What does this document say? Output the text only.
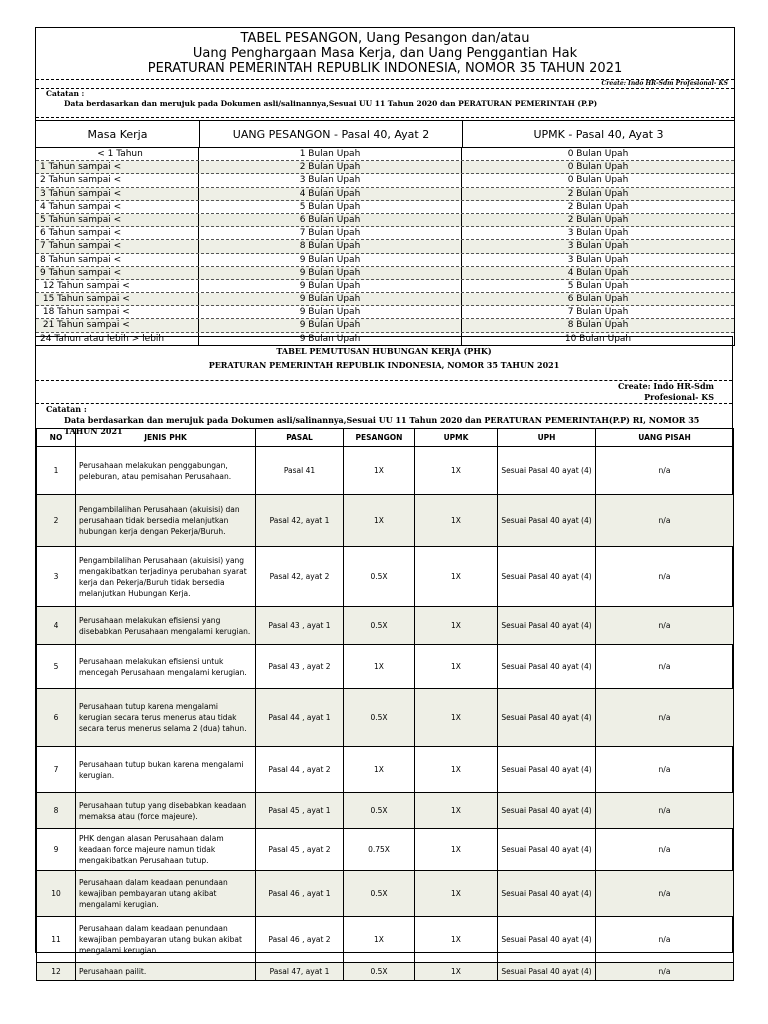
TABEL PESANGON, Uang Pesangon dan/atau
Uang Penghargaan Masa Kerja, dan Uang Penggantian Hak
PERATURAN PEMERINTAH REPUBLIK INDONESIA, NOMOR 35 TAHUN 2021
Create: Indo HR-Sdm Profesional- KS
Catatan :
Data berdasarkan dan merujuk pada Dokumen asli/salinannya,Sesuai UU 11 Tahun 2020 dan PERATURAN PEMERINTAH (P.P)
Masa Kerja	UANG PESANGON - Pasal 40, Ayat 2	UPMK - Pasal 40, Ayat 3
< 1 Tahun	1 Bulan Upah	0 Bulan Upah
1 Tahun sampai <	2 Bulan Upah	0 Bulan Upah
2 Tahun sampai <	3 Bulan Upah	0 Bulan Upah
3 Tahun sampai <	4 Bulan Upah	2 Bulan Upah
4 Tahun sampai <	5 Bulan Upah	2 Bulan Upah
5 Tahun sampai <	6 Bulan Upah	2 Bulan Upah
6 Tahun sampai <	7 Bulan Upah	3 Bulan Upah
7 Tahun sampai <	8 Bulan Upah	3 Bulan Upah
8 Tahun sampai <	9 Bulan Upah	3 Bulan Upah
9 Tahun sampai <	9 Bulan Upah	4 Bulan Upah
12 Tahun sampai <	9 Bulan Upah	5 Bulan Upah
15 Tahun sampai <	9 Bulan Upah	6 Bulan Upah
18 Tahun sampai <	9 Bulan Upah	7 Bulan Upah
21 Tahun sampai <	9 Bulan Upah	8 Bulan Upah
24 Tahun atau lebih > lebih	9 Bulan Upah	10 Bulan Upah
TABEL PEMUTUSAN HUBUNGAN KERJA (PHK)
PERATURAN PEMERINTAH REPUBLIK INDONESIA, NOMOR 35 TAHUN 2021
Create: Indo HR-Sdm
Profesional- KS
Catatan :
Data berdasarkan dan merujuk pada Dokumen asli/salinannya,Sesuai UU 11 Tahun 2020 dan PERATURAN PEMERINTAH(P.P) RI, NOMOR 35 TAHUN 2021
NO	JENIS PHK	PASAL	PESANGON	UPMK	UPH	UANG PISAH
1	Perusahaan melakukan penggabungan, peleburan, atau pemisahan Perusahaan.	Pasal 41	1X	1X	Sesuai Pasal 40 ayat (4)	n/a
2	Pengambilalihan Perusahaan (akuisisi) dan perusahaan tidak bersedia melanjutkan hubungan kerja dengan Pekerja/Buruh.	Pasal 42, ayat 1	1X	1X	Sesuai Pasal 40 ayat (4)	n/a
3	Pengambilalihan Perusahaan (akuisisi) yang mengakibatkan terjadinya perubahan syarat kerja dan Pekerja/Buruh tidak bersedia melanjutkan Hubungan Kerja.	Pasal 42, ayat 2	0.5X	1X	Sesuai Pasal 40 ayat (4)	n/a
4	Perusahaan melakukan efisiensi yang disebabkan Perusahaan mengalami kerugian.	Pasal 43 , ayat 1	0.5X	1X	Sesuai Pasal 40 ayat (4)	n/a
5	Perusahaan melakukan efisiensi untuk mencegah Perusahaan mengalami kerugian.	Pasal 43 , ayat 2	1X	1X	Sesuai Pasal 40 ayat (4)	n/a
6	Perusahaan tutup karena mengalami kerugian secara terus menerus atau tidak secara terus menerus selama 2 (dua) tahun.	Pasal 44 , ayat 1	0.5X	1X	Sesuai Pasal 40 ayat (4)	n/a
7	Perusahaan tutup bukan karena mengalami kerugian.	Pasal 44 , ayat 2	1X	1X	Sesuai Pasal 40 ayat (4)	n/a
8	Perusahaan tutup yang disebabkan keadaan memaksa atau (force majeure).	Pasal 45 , ayat 1	0.5X	1X	Sesuai Pasal 40 ayat (4)	n/a
9	PHK dengan alasan Perusahaan dalam keadaan force majeure namun tidak mengakibatkan Perusahaan tutup.	Pasal 45 , ayat 2	0.75X	1X	Sesuai Pasal 40 ayat (4)	n/a
10	Perusahaan dalam keadaan penundaan kewajiban pembayaran utang akibat mengalami kerugian.	Pasal 46 , ayat 1	0.5X	1X	Sesuai Pasal 40 ayat (4)	n/a
11	Perusahaan dalam keadaan penundaan kewajiban pembayaran utang bukan akibat mengalami kerugian.	Pasal 46 , ayat 2	1X	1X	Sesuai Pasal 40 ayat (4)	n/a
12	Perusahaan pailit.	Pasal 47, ayat 1	0.5X	1X	Sesuai Pasal 40 ayat (4)	n/a
